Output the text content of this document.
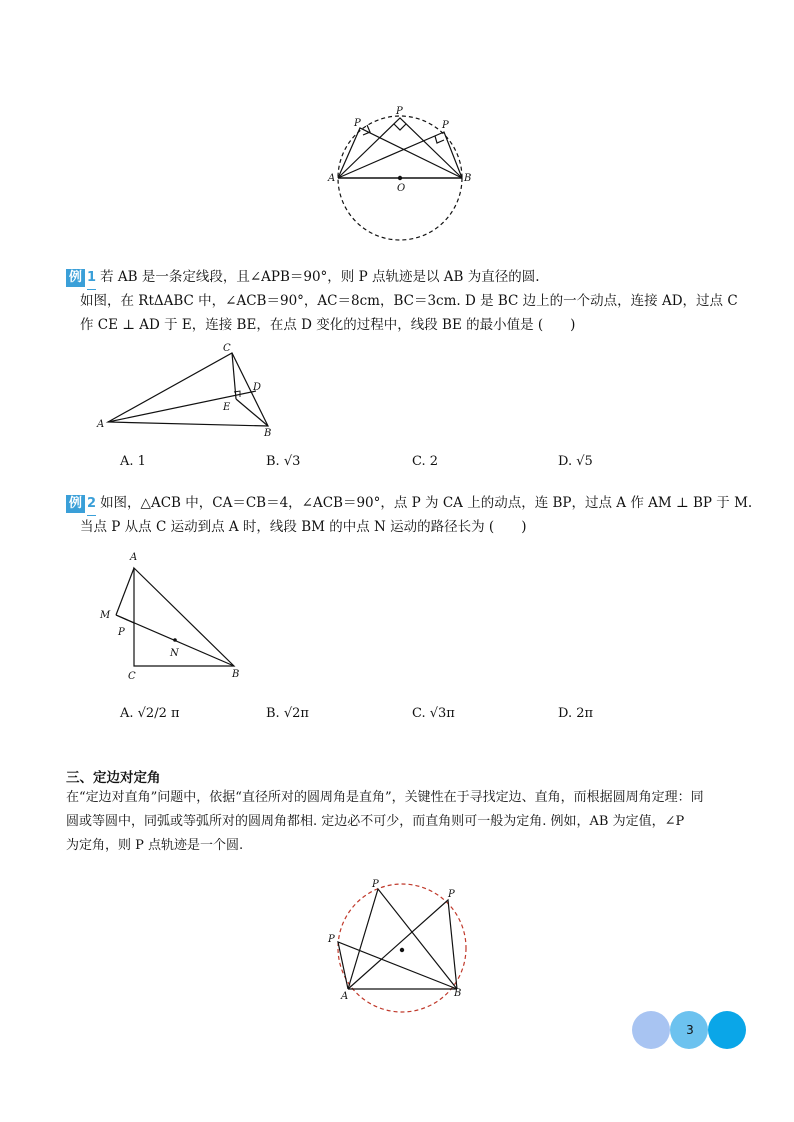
P
P
P
A	B
O
例 1 若 AB 是一条定线段，且∠APB＝90°，则 P 点轨迹是以 AB 为直径的圆.
如图，在 RtΔABC 中，∠ACB＝90°，AC＝8cm，BC＝3cm. D 是 BC 边上的一个动点，连接 AD，过点 C
作 CE ⊥ AD 于 E，连接 BE，在点 D 变化的过程中，线段 BE 的最小值是 (　　)
C
D
E
A
B
A. 1	B. √3	C. 2	D. √5
例 2 如图，△ACB 中，CA＝CB＝4，∠ACB＝90°，点 P 为 CA 上的动点，连 BP，过点 A 作 AM ⊥ BP 于 M.
当点 P 从点 C 运动到点 A 时，线段 BM 的中点 N 运动的路径长为 (　　)
A
M
P
N
C	B
A. √2/2 π	B. √2π	C. √3π	D. 2π
三、定边对定角
在“定边对直角”问题中，依据“直径所对的圆周角是直角”，关键性在于寻找定边、直角，而根据圆周角定理：同
圆或等圆中，同弧或等弧所对的圆周角都相. 定边必不可少，而直角则可一般为定角. 例如，AB 为定值，∠P
为定角，则 P 点轨迹是一个圆.
P
P
P
A	B
3
